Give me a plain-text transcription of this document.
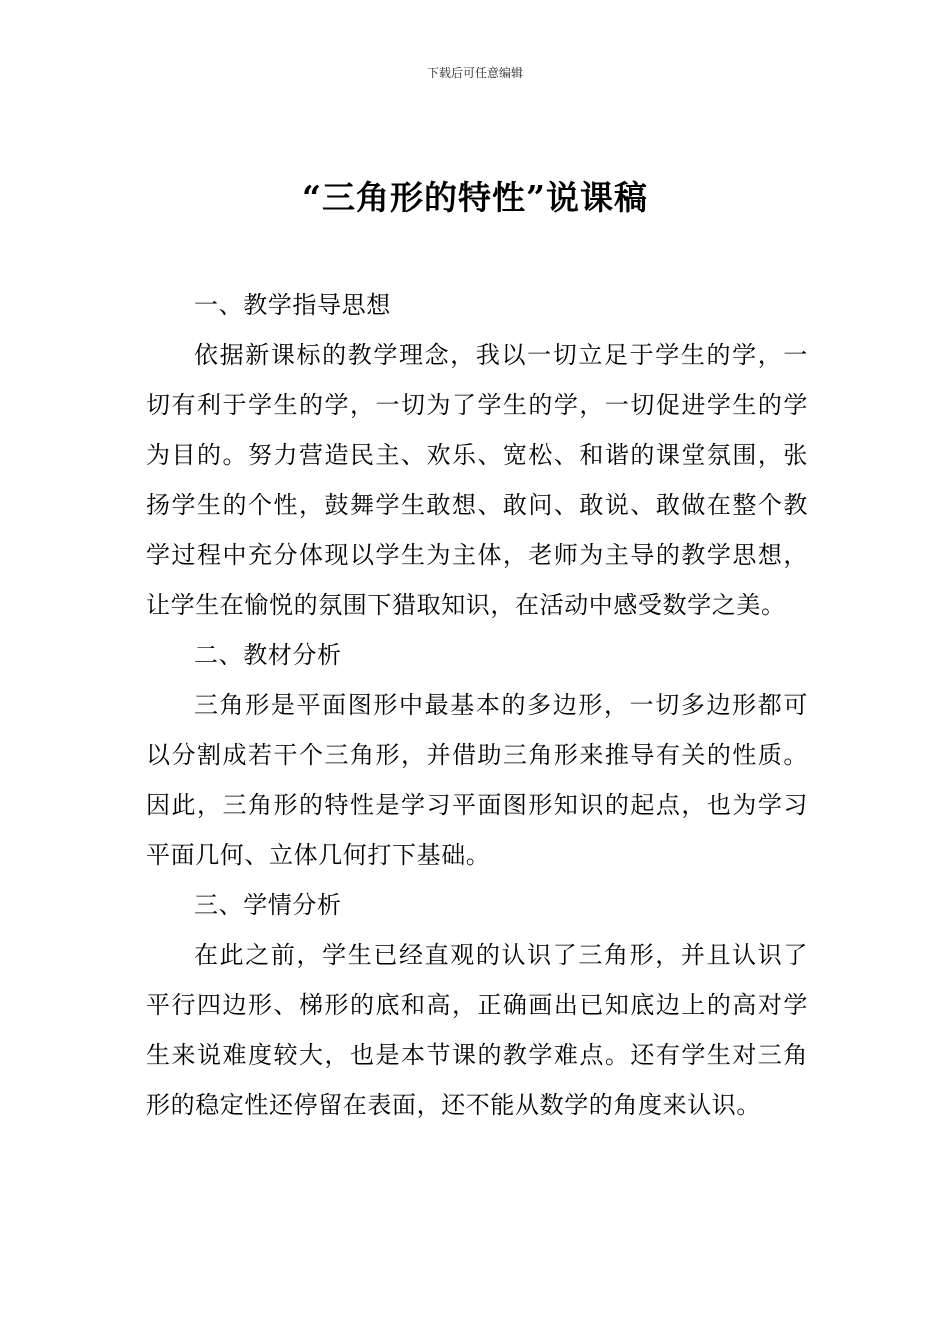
下载后可任意编辑
“三角形的特性”说课稿

一、教学指导思想

依据新课标的教学理念，我以一切立足于学生的学，一切有利于学生的学，一切为了学生的学，一切促进学生的学为目的。努力营造民主、欢乐、宽松、和谐的课堂氛围，张扬学生的个性，鼓舞学生敢想、敢问、敢说、敢做在整个教学过程中充分体现以学生为主体，老师为主导的教学思想，让学生在愉悦的氛围下猎取知识，在活动中感受数学之美。

二、教材分析

三角形是平面图形中最基本的多边形，一切多边形都可以分割成若干个三角形，并借助三角形来推导有关的性质。因此，三角形的特性是学习平面图形知识的起点，也为学习平面几何、立体几何打下基础。

三、学情分析

在此之前，学生已经直观的认识了三角形，并且认识了平行四边形、梯形的底和高，正确画出已知底边上的高对学生来说难度较大，也是本节课的教学难点。还有学生对三角形的稳定性还停留在表面，还不能从数学的角度来认识。
